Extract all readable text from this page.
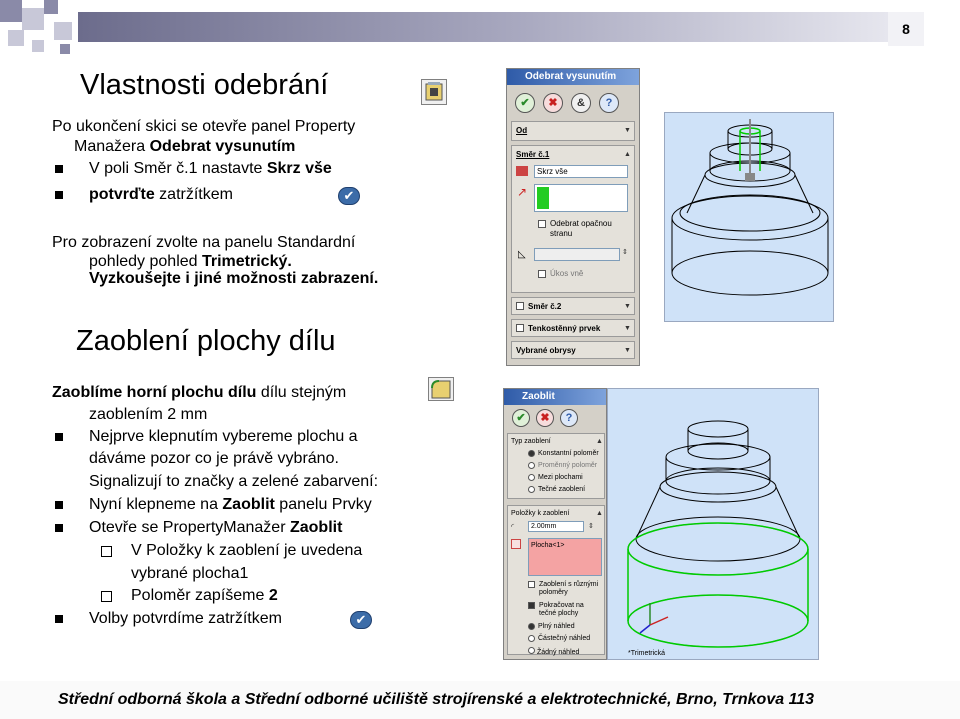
8
Vlastnosti odebrání
Po ukončení skici se otevře panel Property
Manažera Odebrat vysunutím
V poli Směr č.1 nastavte Skrz vše
potvrďte zatržítkem	✔
Pro zobrazení zvolte na panelu Standardní
pohledy pohled Trimetrický.
Vyzkoušejte i jiné možnosti zabrazení.
Odebrat vysunutím
✔	✖	&	?
Od	▼
Směr č.1	▲
Skrz vše
↗
Odebrat opačnou
stranu
◺	⇕
Úkos vně
Směr č.2	▼
Tenkostěnný prvek	▼
Vybrané obrysy	▼
Zaoblení plochy dílu
Zaoblíme horní plochu dílu dílu stejným
zaoblením 2 mm
Nejprve klepnutím vybereme plochu a
dáváme pozor co je právě vybráno.
Signalizují to značky a zelené zabarvení:
Nyní klepneme na Zaoblit panelu Prvky
Otevře se PropertyManažer Zaoblit
V Položky k zaoblení je uvedena
vybrané plocha1
Poloměr zapíšeme 2
Volby potvrdíme zatržítkem	✔
Zaoblit
✔	✖	?
Typ zaoblení	▲
Konstantní poloměr
Proměnný poloměr
Mezi plochami
Tečné zaoblení
Položky k zaoblení	▲
◜	2.00mm	⇕
Plocha<1>
Zaoblení s různými
poloměry
Pokračovat na
tečné plochy
Plný náhled
Částečný náhled
Žádný náhled	*Trimetrická
Střední odborná škola a Střední odborné učiliště strojírenské a elektrotechnické, Brno, Trnkova 113
